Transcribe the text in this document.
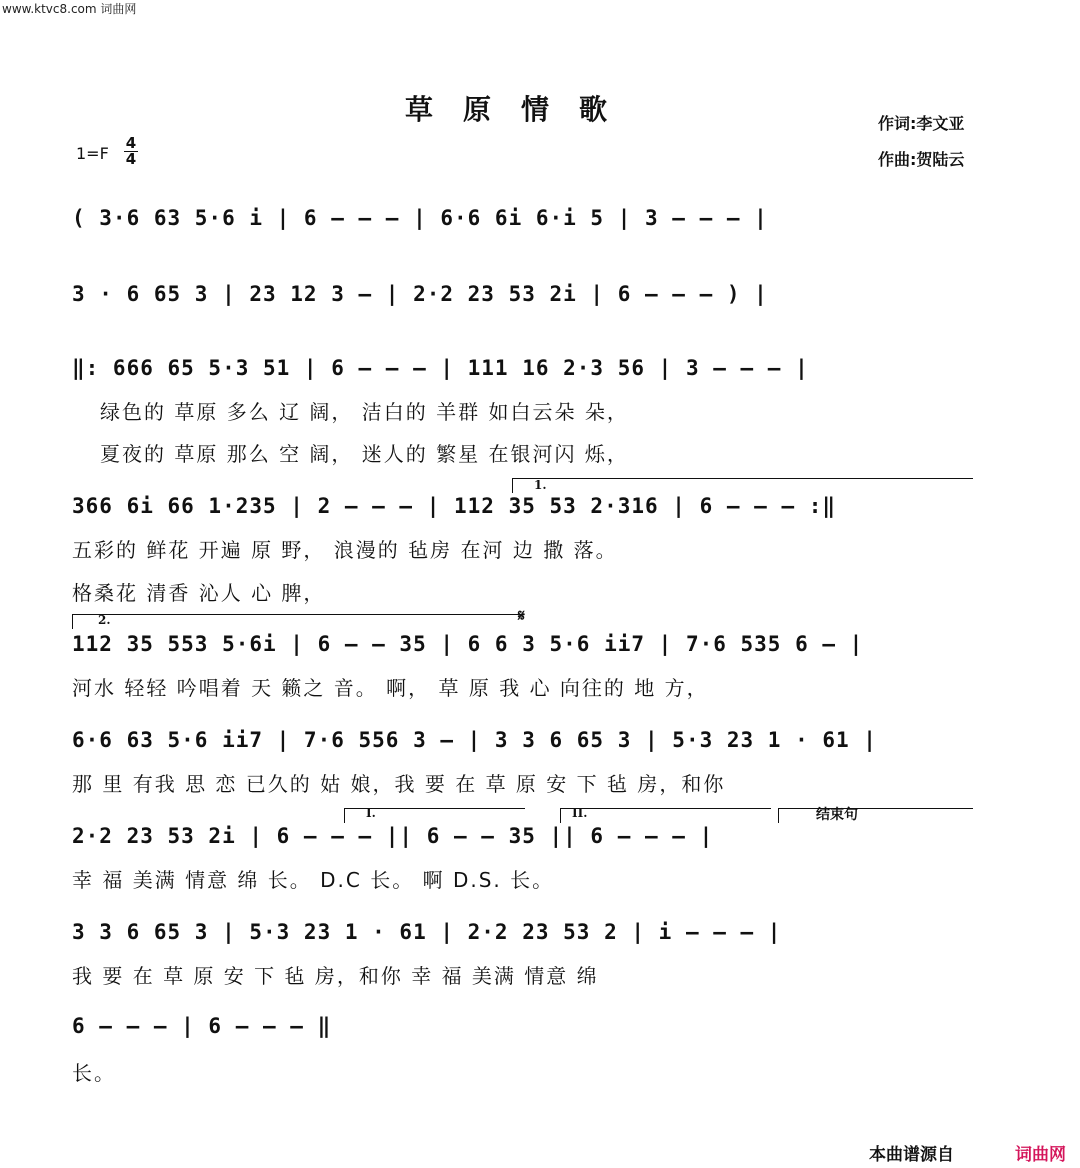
www.ktvc8.com 词曲网
草原情歌	作词:李文亚
作曲:贺陆云
1=F
4
4
( 3·6 63 5·6 i | 6 — — — | 6·6 6i 6·i 5 | 3 — — — |
3 · 6 65 3 | 23 12 3 — | 2·2 23 53 2i | 6 — — — ) |
‖: 666 65 5·3 51 | 6 — — — | 111 16 2·3 56 | 3 — — — |
绿色的 草原 多么 辽 阔， 洁白的 羊群 如白云朵 朵，
夏夜的 草原 那么 空 阔， 迷人的 繁星 在银河闪 烁，
1.
366 6i 66 1·235 | 2 — — — | 112 35 53 2·316 | 6 — — — :‖
五彩的 鲜花 开遍 原 野， 浪漫的 毡房 在河 边 撒 落。
格桑花 清香 沁人 心 脾，
2.	𝄋
112 35 553 5·6i | 6 — — 35 | 6 6 3 5·6 ii7 | 7·6 535 6 — |
河水 轻轻 吟唱着 天 籁之 音。 啊， 草 原 我 心 向往的 地 方，
6·6 63 5·6 ii7 | 7·6 556 3 — | 3 3 6 65 3 | 5·3 23 1 · 61 |
那 里 有我 思 恋 已久的 姑 娘，我 要 在 草 原 安 下 毡 房，和你
I.	II.	结束句
2·2 23 53 2i | 6 — — — || 6 — — 35 || 6 — — — |
幸 福 美满 情意 绵 长。 D.C 长。 啊 D.S. 长。
3 3 6 65 3 | 5·3 23 1 · 61 | 2·2 23 53 2 | i — — — |
我 要 在 草 原 安 下 毡 房，和你 幸 福 美满 情意 绵
6 — — — | 6 — — — ‖
长。
本曲谱源自	词曲网
